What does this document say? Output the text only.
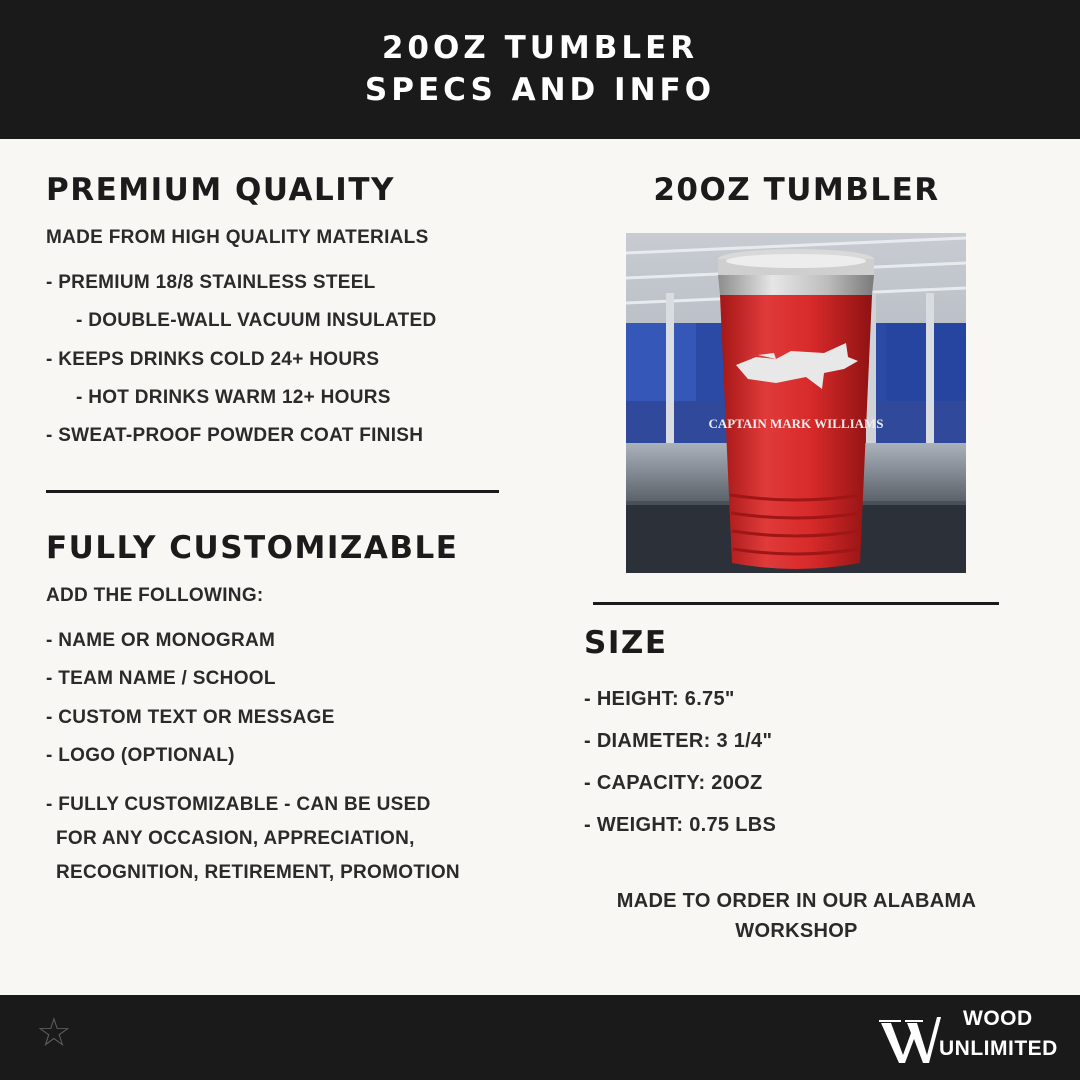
20OZ TUMBLER
SPECS AND INFO
PREMIUM QUALITY
MADE FROM HIGH QUALITY MATERIALS
- PREMIUM 18/8 STAINLESS STEEL
- DOUBLE-WALL VACUUM INSULATED
- KEEPS DRINKS COLD 24+ HOURS
- HOT DRINKS WARM 12+ HOURS
- SWEAT-PROOF POWDER COAT FINISH
FULLY CUSTOMIZABLE
ADD THE FOLLOWING:
- NAME OR MONOGRAM
- TEAM NAME / SCHOOL
- CUSTOM TEXT OR MESSAGE
- LOGO (OPTIONAL)
- FULLY CUSTOMIZABLE - CAN BE USED
FOR ANY OCCASION, APPRECIATION,
RECOGNITION, RETIREMENT, PROMOTION
20OZ TUMBLER
CAPTAIN MARK WILLIAMS
SIZE
- HEIGHT: 6.75"
- DIAMETER: 3 1/4"
- CAPACITY: 20OZ
- WEIGHT: 0.75 LBS
MADE TO ORDER IN OUR ALABAMA
WORKSHOP
☆	WOOD
UNLIMITED
